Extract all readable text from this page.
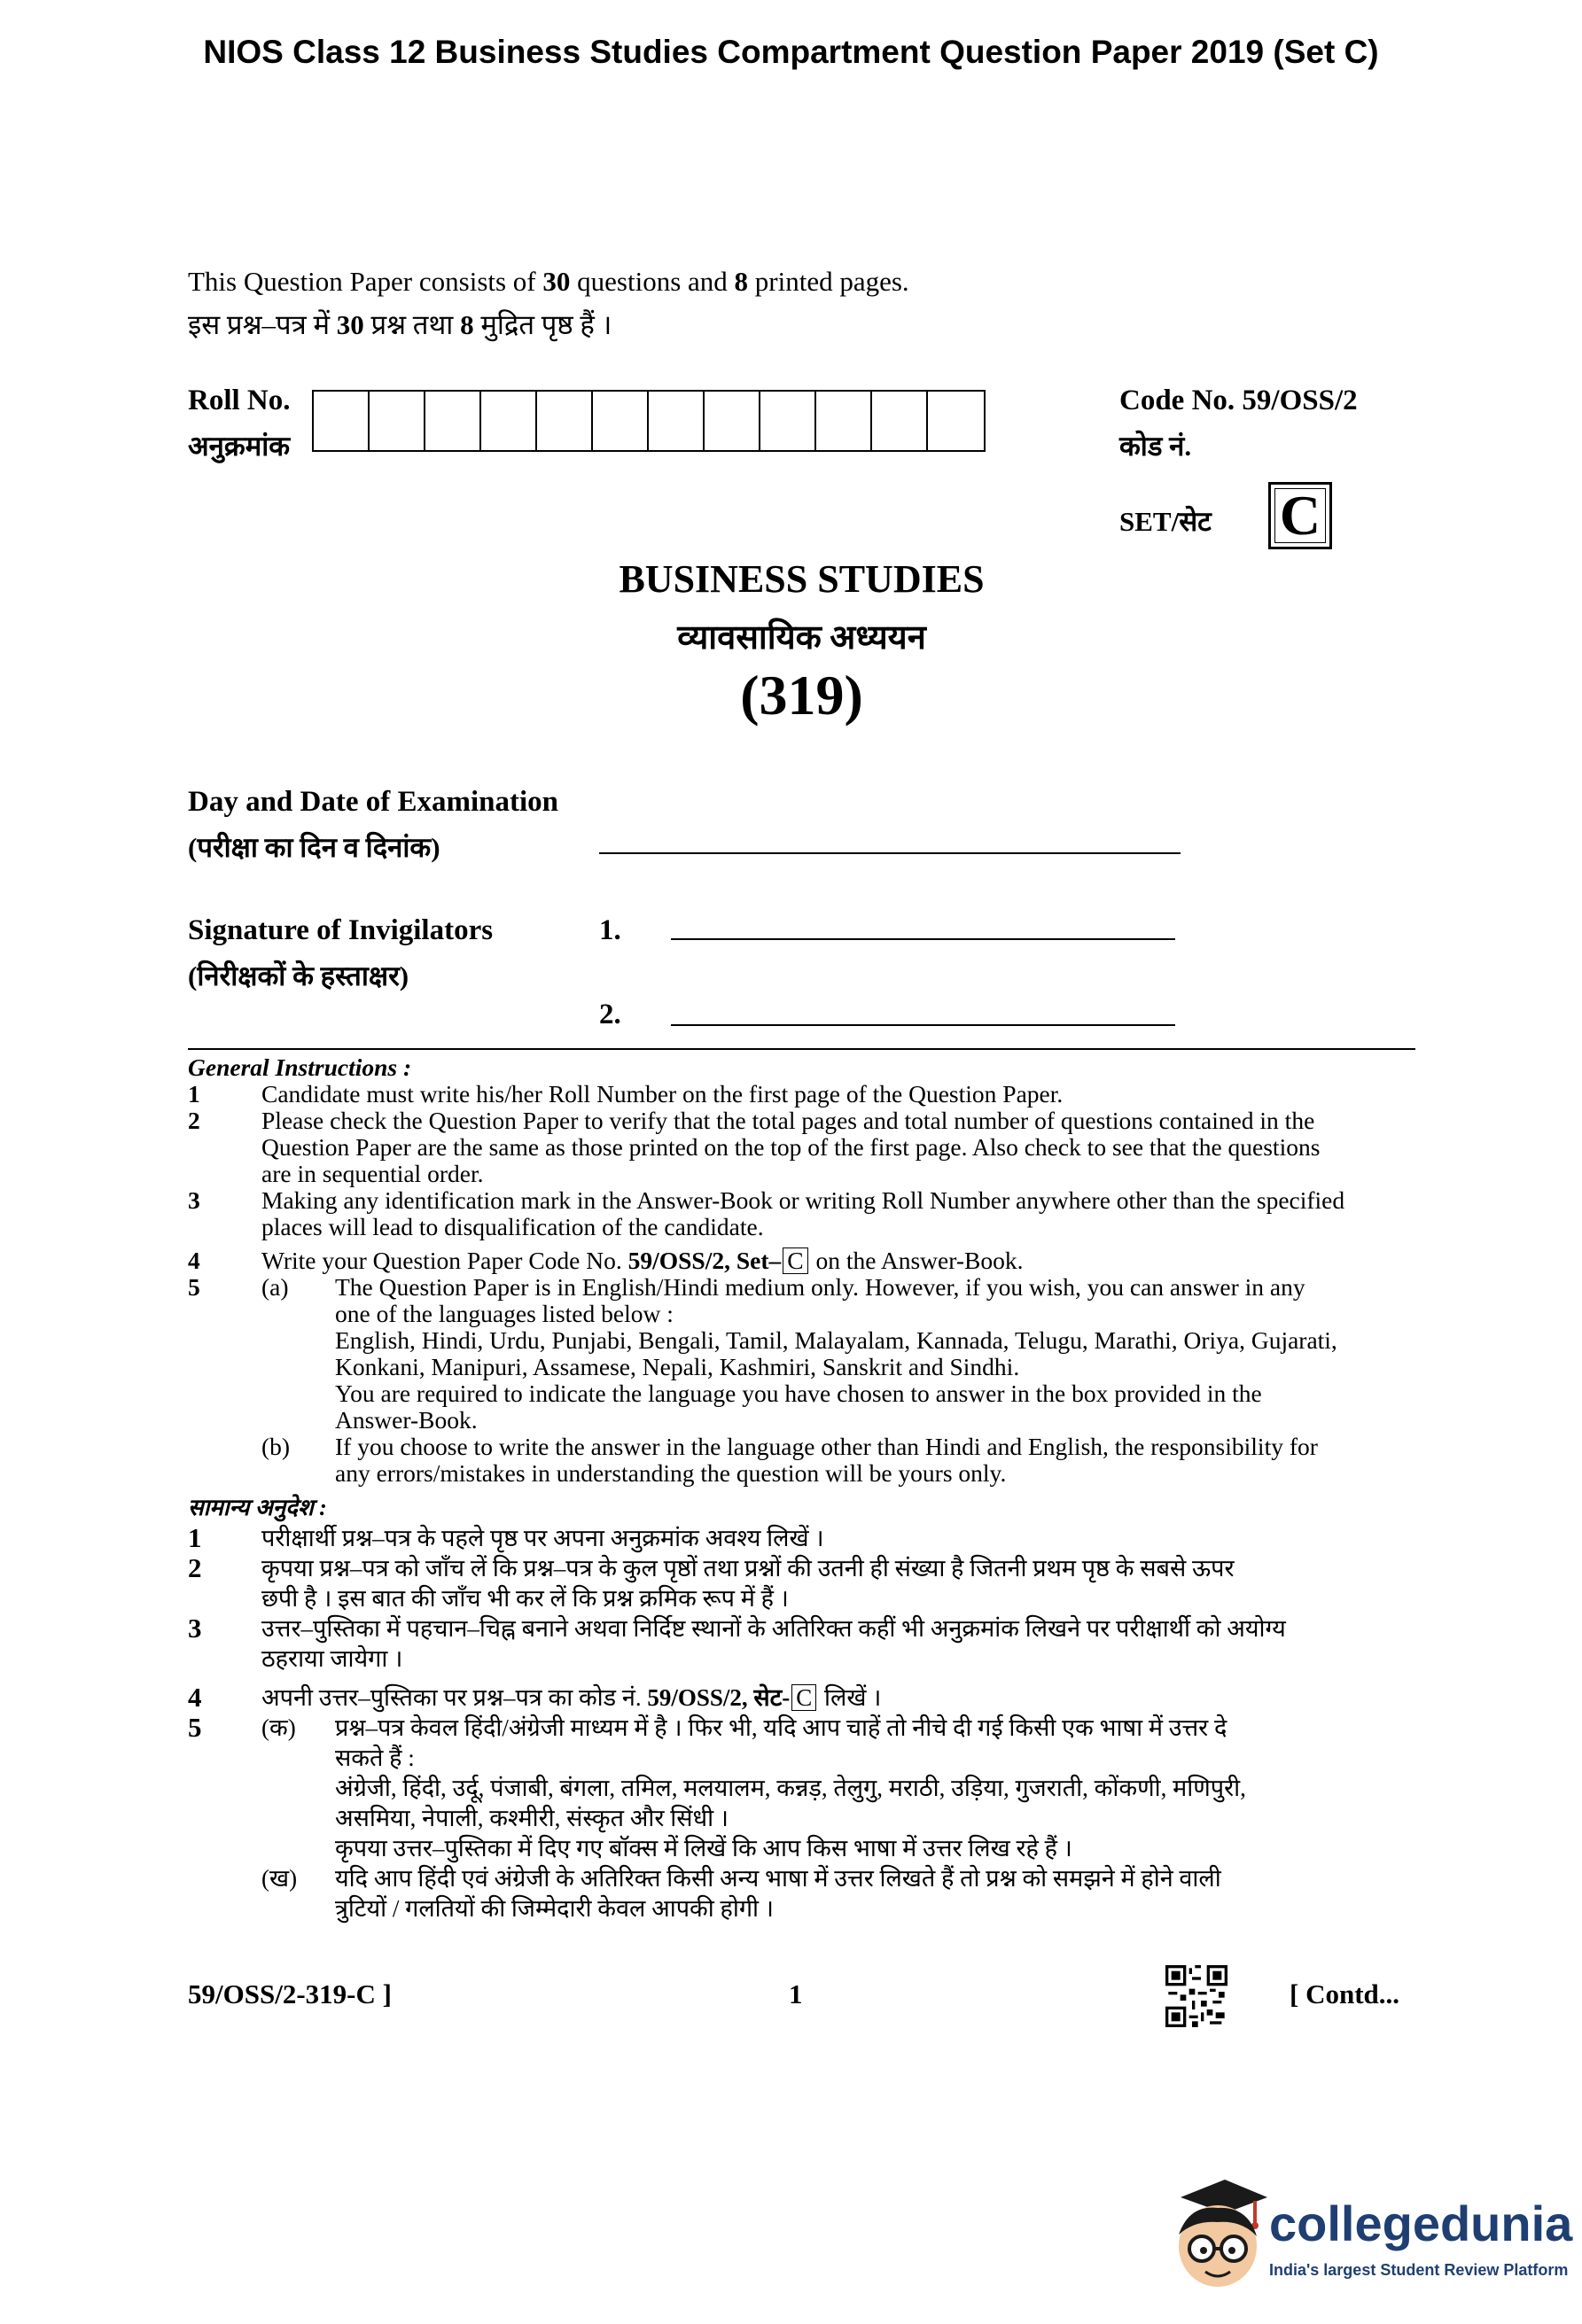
NIOS Class 12 Business Studies Compartment Question Paper 2019 (Set C)
This Question Paper consists of 30 questions and 8 printed pages.
इस प्रश्न–पत्र में 30 प्रश्न तथा 8 मुद्रित पृष्ठ हैं ।
Roll No.
अनुक्रमांक
Code No. 59/OSS/2
कोड नं.
SET/सेट C
BUSINESS STUDIES
व्यावसायिक अध्ययन
(319)
Day and Date of Examination
(परीक्षा का दिन व दिनांक)
Signature of Invigilators
(निरीक्षकों के हस्ताक्षर)
1.
2.
General Instructions :
1	Candidate must write his/her Roll Number on the first page of the Question Paper.
2	Please check the Question Paper to verify that the total pages and total number of questions contained in the
Question Paper are the same as those printed on the top of the first page. Also check to see that the questions
are in sequential order.
3	Making any identification mark in the Answer-Book or writing Roll Number anywhere other than the specified
places will lead to disqualification of the candidate.
4	Write your Question Paper Code No. 59/OSS/2, Set– C on the Answer-Book.
5	(a) The Question Paper is in English/Hindi medium only. However, if you wish, you can answer in any
one of the languages listed below :
English, Hindi, Urdu, Punjabi, Bengali, Tamil, Malayalam, Kannada, Telugu, Marathi, Oriya, Gujarati,
Konkani, Manipuri, Assamese, Nepali, Kashmiri, Sanskrit and Sindhi.
You are required to indicate the language you have chosen to answer in the box provided in the
Answer-Book.
(b) If you choose to write the answer in the language other than Hindi and English, the responsibility for
any errors/mistakes in understanding the question will be yours only.
सामान्य अनुदेश :
1	परीक्षार्थी प्रश्न–पत्र के पहले पृष्ठ पर अपना अनुक्रमांक अवश्य लिखें ।
2	कृपया प्रश्न–पत्र को जाँच लें कि प्रश्न–पत्र के कुल पृष्ठों तथा प्रश्नों की उतनी ही संख्या है जितनी प्रथम पृष्ठ के सबसे ऊपर
छपी है । इस बात की जाँच भी कर लें कि प्रश्न क्रमिक रूप में हैं ।
3	उत्तर–पुस्तिका में पहचान–चिह्न बनाने अथवा निर्दिष्ट स्थानों के अतिरिक्त कहीं भी अनुक्रमांक लिखने पर परीक्षार्थी को अयोग्य
ठहराया जायेगा ।
4	अपनी उत्तर–पुस्तिका पर प्रश्न–पत्र का कोड नं. 59/OSS/2, सेट- C लिखें ।
5	(क) प्रश्न–पत्र केवल हिंदी/अंग्रेजी माध्यम में है । फिर भी, यदि आप चाहें तो नीचे दी गई किसी एक भाषा में उत्तर दे
सकते हैं :
अंग्रेजी, हिंदी, उर्दू, पंजाबी, बंगला, तमिल, मलयालम, कन्नड़, तेलुगु, मराठी, उड़िया, गुजराती, कोंकणी, मणिपुरी,
असमिया, नेपाली, कश्मीरी, संस्कृत और सिंधी ।
कृपया उत्तर–पुस्तिका में दिए गए बॉक्स में लिखें कि आप किस भाषा में उत्तर लिख रहे हैं ।
(ख) यदि आप हिंदी एवं अंग्रेजी के अतिरिक्त किसी अन्य भाषा में उत्तर लिखते हैं तो प्रश्न को समझने में होने वाली
त्रुटियों / गलतियों की जिम्मेदारी केवल आपकी होगी ।
59/OSS/2-319-C ]	1	[ Contd...
collegedunia
India's largest Student Review Platform
